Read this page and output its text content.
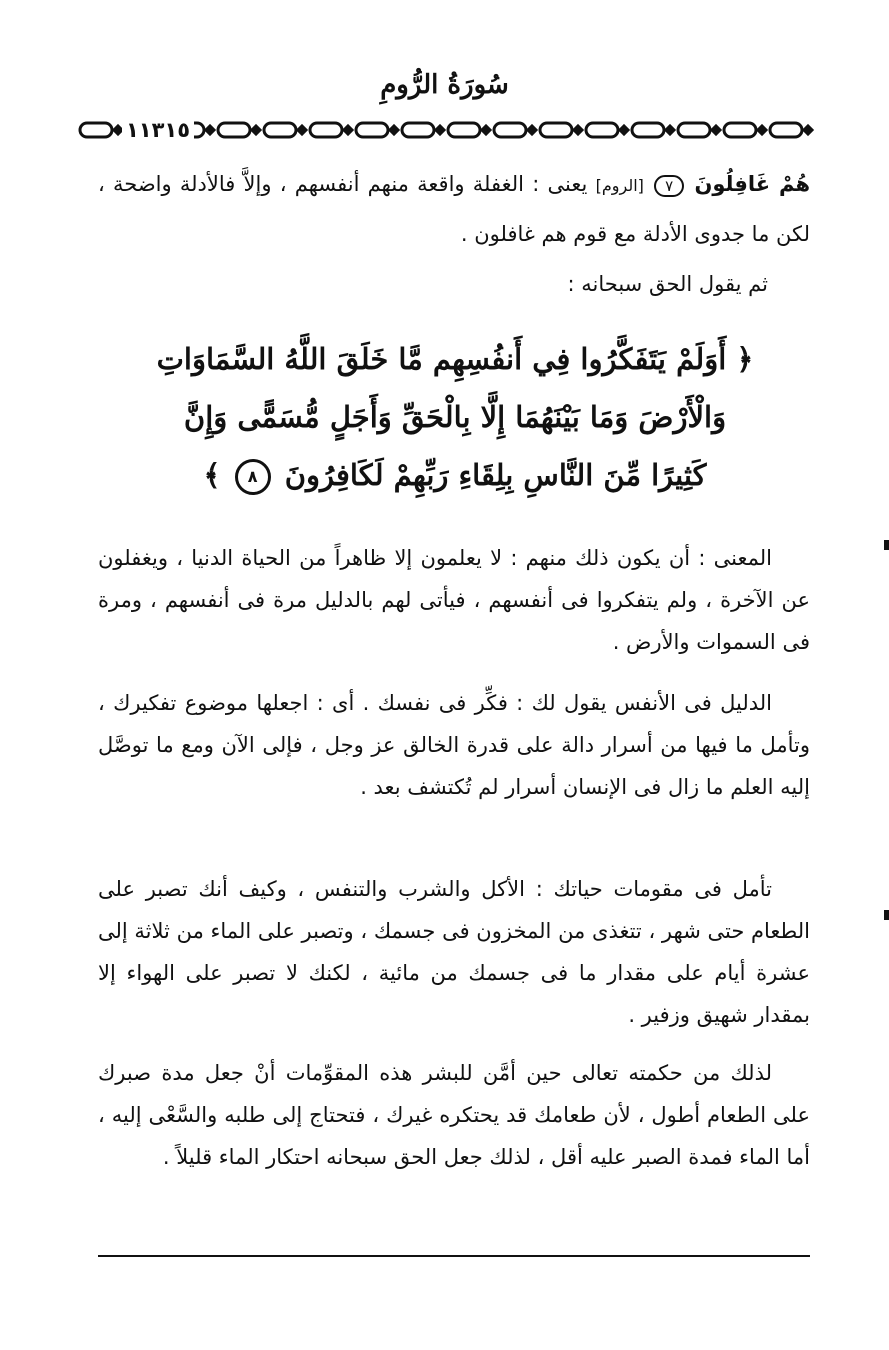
سُورَةُ الرُّومِ
١١٣١٥
هُمْ غَافِلُونَ ٧ [الروم] يعنى : الغفلة واقعة منهم أنفسهم ، وإلاَّ فالأدلة واضحة ، لكن ما جدوى الأدلة مع قوم هم غافلون .
ثم يقول الحق سبحانه :
﴿ أَوَلَمْ يَتَفَكَّرُوا فِي أَنفُسِهِم مَّا خَلَقَ اللَّهُ السَّمَاوَاتِ وَالْأَرْضَ وَمَا بَيْنَهُمَا إِلَّا بِالْحَقِّ وَأَجَلٍ مُّسَمًّى وَإِنَّ كَثِيرًا مِّنَ النَّاسِ بِلِقَاءِ رَبِّهِمْ لَكَافِرُونَ ٨ ﴾

المعنى : أن يكون ذلك منهم : لا يعلمون إلا ظاهراً من الحياة الدنيا ، ويغفلون عن الآخرة ، ولم يتفكروا فى أنفسهم ، فيأتى لهم بالدليل مرة فى أنفسهم ، ومرة فى السموات والأرض .

الدليل فى الأنفس يقول لك : فكِّر فى نفسك . أى : اجعلها موضوع تفكيرك ، وتأمل ما فيها من أسرار دالة على قدرة الخالق عز وجل ، فإلى الآن ومع ما توصَّل إليه العلم ما زال فى الإنسان أسرار لم تُكتشف بعد .

تأمل فى مقومات حياتك : الأكل والشرب والتنفس ، وكيف أنك تصبر على الطعام حتى شهر ، تتغذى من المخزون فى جسمك ، وتصبر على الماء من ثلاثة إلى عشرة أيام على مقدار ما فى جسمك من مائية ، لكنك لا تصبر على الهواء إلا بمقدار شهيق وزفير .

لذلك من حكمته تعالى حين أمَّن للبشر هذه المقوِّمات أنْ جعل مدة صبرك على الطعام أطول ، لأن طعامك قد يحتكره غيرك ، فتحتاج إلى طلبه والسَّعْى إليه ، أما الماء فمدة الصبر عليه أقل ، لذلك جعل الحق سبحانه احتكار الماء قليلاً .
